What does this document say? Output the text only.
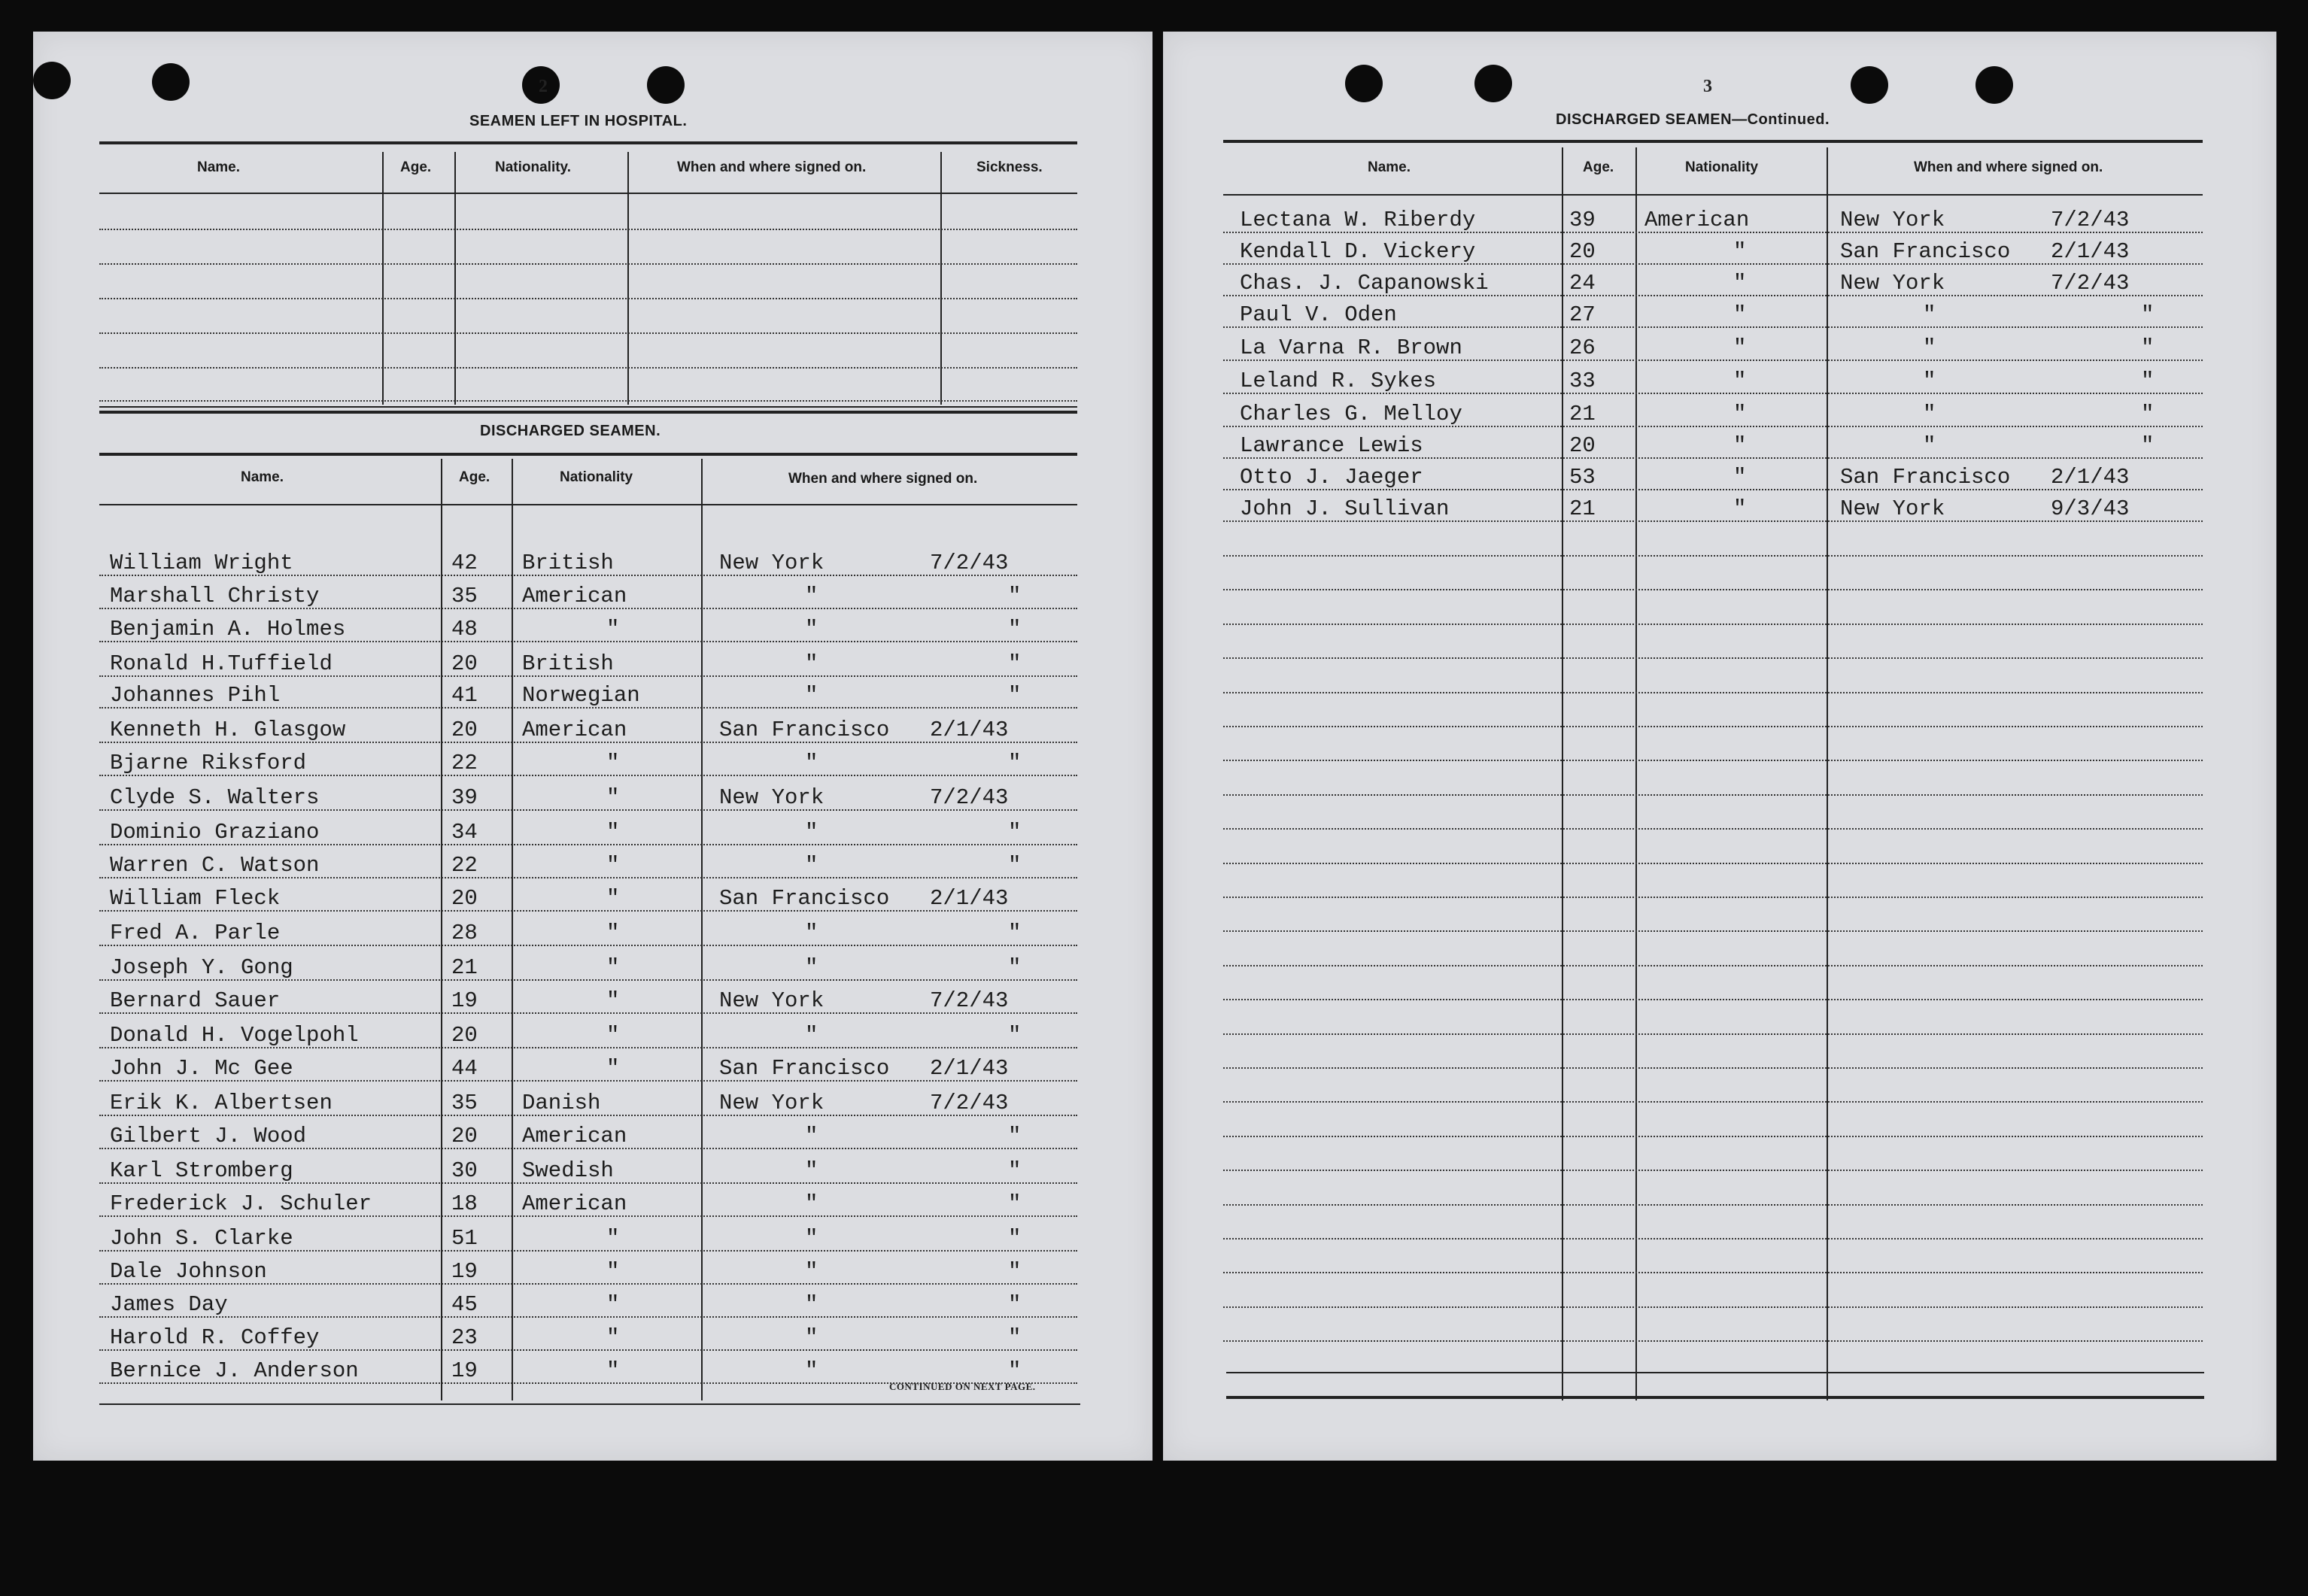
2
SEAMEN LEFT IN HOSPITAL.
Name.	Age.	Nationality.	When and where signed on.	Sickness.
DISCHARGED SEAMEN.
Name.	Age.	Nationality	When and where signed on.
William Wright	42 British	New York	7/2/43
Marshall Christy	35 American	"	"
Benjamin A. Holmes	48	"	"	"
Ronald H.Tuffield	20 British	"	"
Johannes Pihl	41 Norwegian	"	"
Kenneth H. Glasgow	20 American	San Francisco 2/1/43
Bjarne Riksford	22	"	"	"
Clyde S. Walters	39	"	New York	7/2/43
Dominio Graziano	34	"	"	"
Warren C. Watson	22	"	"	"
William Fleck	20	"	San Francisco 2/1/43
Fred A. Parle	28	"	"	"
Joseph Y. Gong	21	"	"	"
Bernard Sauer	19	"	New York	7/2/43
Donald H. Vogelpohl	20	"	"	"
John J. Mc Gee	44	"	San Francisco 2/1/43
Erik K. Albertsen	35 Danish	New York	7/2/43
Gilbert J. Wood	20 American	"	"
Karl Stromberg	30 Swedish	"	"
Frederick J. Schuler	18 American	"	"
John S. Clarke	51	"	"	"
Dale Johnson	19	"	"	"
James Day	45	"	"	"
Harold R. Coffey	23	"	"	"
Bernice J. Anderson	19	"	"	"
CONTINUED ON NEXT PAGE.
3
DISCHARGED SEAMEN—Continued.
Name.	Age.	Nationality	When and where signed on.
Lectana W. Riberdy	39 American	New York	7/2/43
Kendall D. Vickery	20	"	San Francisco 2/1/43
Chas. J. Capanowski	24	"	New York	7/2/43
Paul V. Oden	27	"	"	"
La Varna R. Brown	26	"	"	"
Leland R. Sykes	33	"	"	"
Charles G. Melloy	21	"	"	"
Lawrance Lewis	20	"	"	"
Otto J. Jaeger	53	"	San Francisco 2/1/43
John J. Sullivan	21	"	New York	9/3/43
